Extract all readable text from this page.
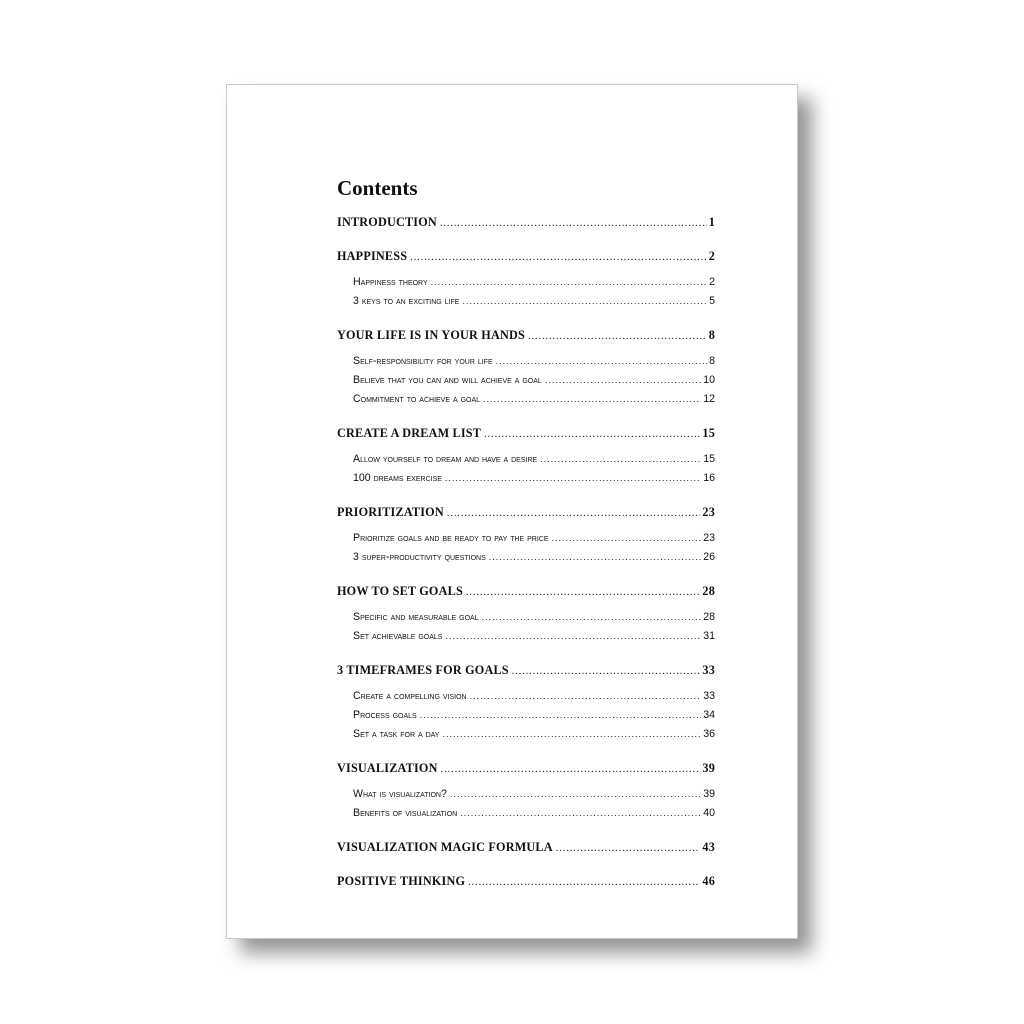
Contents
INTRODUCTION .....	1
HAPPINESS .....	2
Happiness theory .....	2
3 keys to an exciting life .....	5
YOUR LIFE IS IN YOUR HANDS .....	8
Self-responsibility for your life .....	8
Believe that you can and will achieve a goal .....	10
Commitment to achieve a goal .....	12
CREATE A DREAM LIST .....	15
Allow yourself to dream and have a desire .....	15
100 dreams exercise .....	16
PRIORITIZATION .....	23
Prioritize goals and be ready to pay the price .....	23
3 super-productivity questions .....	26
HOW TO SET GOALS .....	28
Specific and measurable goal .....	28
Set achievable goals .....	31
3 TIMEFRAMES FOR GOALS .....	33
Create a compelling vision .....	33
Process goals .....	34
Set a task for a day .....	36
VISUALIZATION .....	39
What is visualization? .....	39
Benefits of visualization .....	40
VISUALIZATION MAGIC FORMULA .....	43
POSITIVE THINKING .....	46
